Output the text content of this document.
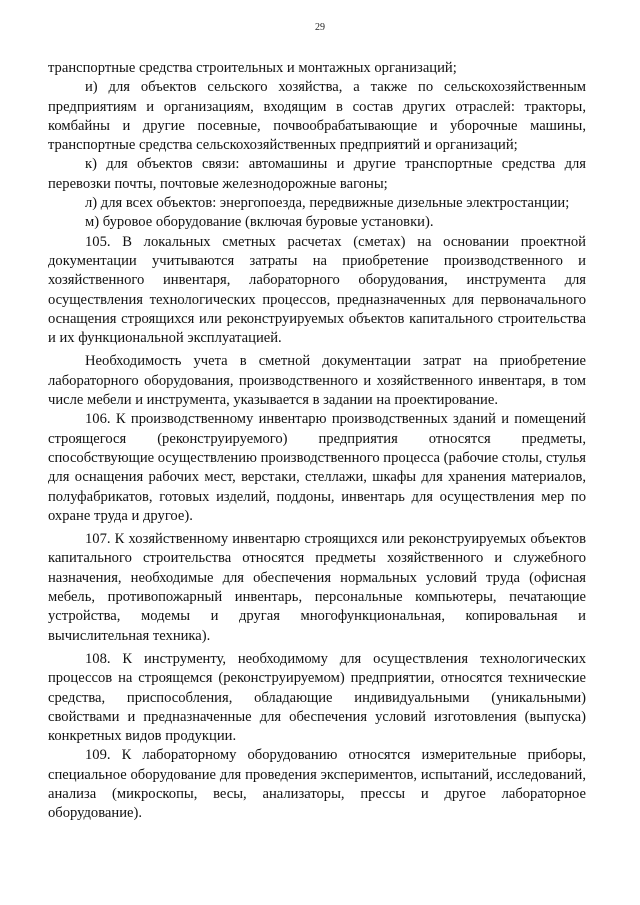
29

транспортные средства строительных и монтажных организаций;

и) для объектов сельского хозяйства, а также по сельскохозяйственным предприятиям и организациям, входящим в состав других отраслей: тракторы, комбайны и другие посевные, почвообрабатывающие и уборочные машины, транспортные средства сельскохозяйственных предприятий и организаций;

к) для объектов связи: автомашины и другие транспортные средства для перевозки почты, почтовые железнодорожные вагоны;

л) для всех объектов: энергопоезда, передвижные дизельные электростанции;

м) буровое оборудование (включая буровые установки).

105. В локальных сметных расчетах (сметах) на основании проектной документации учитываются затраты на приобретение производственного и хозяйственного инвентаря, лабораторного оборудования, инструмента для осуществления технологических процессов, предназначенных для первоначального оснащения строящихся или реконструируемых объектов капитального строительства и их функциональной эксплуатацией.

Необходимость учета в сметной документации затрат на приобретение лабораторного оборудования, производственного и хозяйственного инвентаря, в том числе мебели и инструмента, указывается в задании на проектирование.

106. К производственному инвентарю производственных зданий и помещений строящегося (реконструируемого) предприятия относятся предметы, способствующие осуществлению производственного процесса (рабочие столы, стулья для оснащения рабочих мест, верстаки, стеллажи, шкафы для хранения материалов, полуфабрикатов, готовых изделий, поддоны, инвентарь для осуществления мер по охране труда и другое).

107. К хозяйственному инвентарю строящихся или реконструируемых объектов капитального строительства относятся предметы хозяйственного и служебного назначения, необходимые для обеспечения нормальных условий труда (офисная мебель, противопожарный инвентарь, персональные компьютеры, печатающие устройства, модемы и другая многофункциональная, копировальная и вычислительная техника).

108. К инструменту, необходимому для осуществления технологических процессов на строящемся (реконструируемом) предприятии, относятся технические средства, приспособления, обладающие индивидуальными (уникальными) свойствами и предназначенные для обеспечения условий изготовления (выпуска) конкретных видов продукции.

109. К лабораторному оборудованию относятся измерительные приборы, специальное оборудование для проведения экспериментов, испытаний, исследований, анализа (микроскопы, весы, анализаторы, прессы и другое лабораторное оборудование).
